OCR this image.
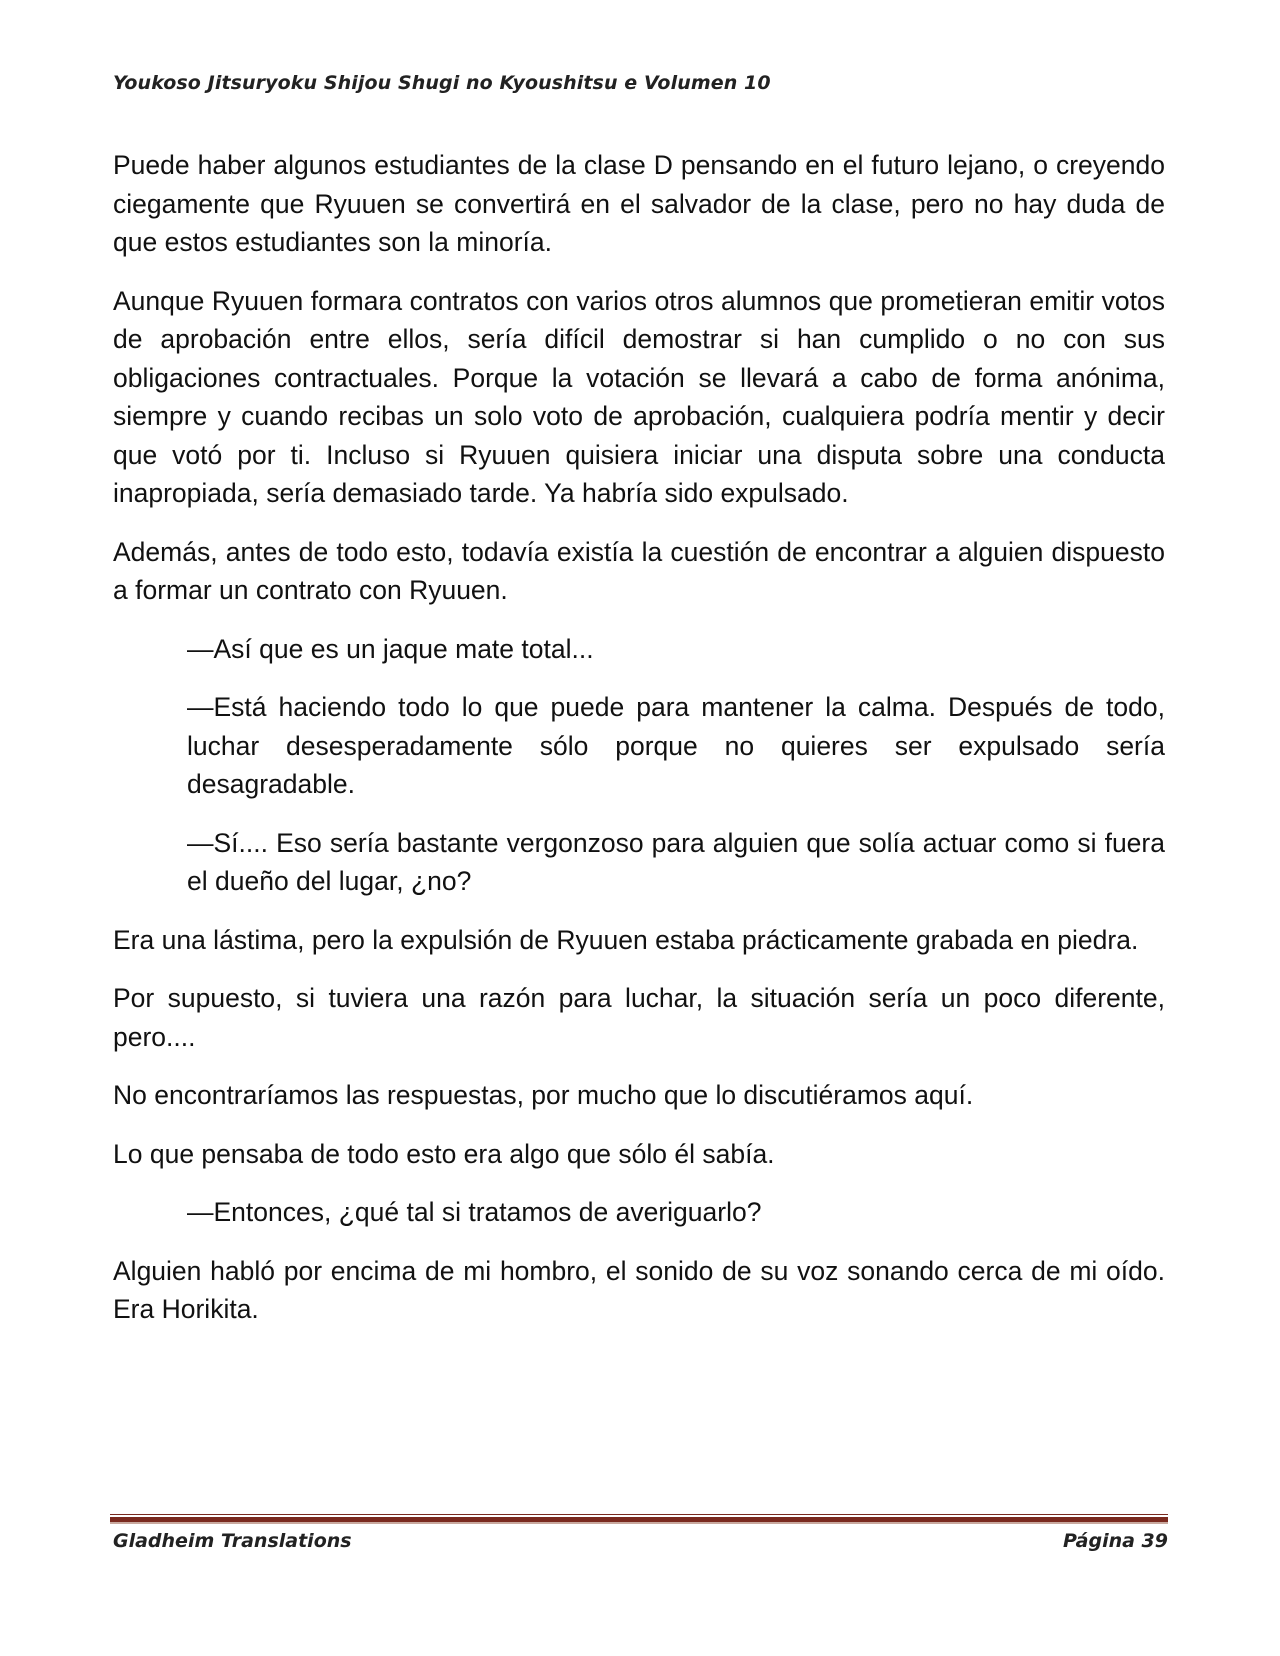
Youkoso Jitsuryoku Shijou Shugi no Kyoushitsu e Volumen 10

Puede haber algunos estudiantes de la clase D pensando en el futuro lejano, o creyendo ciegamente que Ryuuen se convertirá en el salvador de la clase, pero no hay duda de que estos estudiantes son la minoría.

Aunque Ryuuen formara contratos con varios otros alumnos que prometieran emitir votos de aprobación entre ellos, sería difícil demostrar si han cumplido o no con sus obligaciones contractuales. Porque la votación se llevará a cabo de forma anónima, siempre y cuando recibas un solo voto de aprobación, cualquiera podría mentir y decir que votó por ti. Incluso si Ryuuen quisiera iniciar una disputa sobre una conducta inapropiada, sería demasiado tarde. Ya habría sido expulsado.

Además, antes de todo esto, todavía existía la cuestión de encontrar a alguien dispuesto a formar un contrato con Ryuuen.

—Así que es un jaque mate total...

—Está haciendo todo lo que puede para mantener la calma. Después de todo, luchar desesperadamente sólo porque no quieres ser expulsado sería desagradable.

—Sí.... Eso sería bastante vergonzoso para alguien que solía actuar como si fuera el dueño del lugar, ¿no?

Era una lástima, pero la expulsión de Ryuuen estaba prácticamente grabada en piedra.

Por supuesto, si tuviera una razón para luchar, la situación sería un poco diferente, pero....

No encontraríamos las respuestas, por mucho que lo discutiéramos aquí.

Lo que pensaba de todo esto era algo que sólo él sabía.

—Entonces, ¿qué tal si tratamos de averiguarlo?

Alguien habló por encima de mi hombro, el sonido de su voz sonando cerca de mi oído. Era Horikita.

Gladheim Translations	Página 39
